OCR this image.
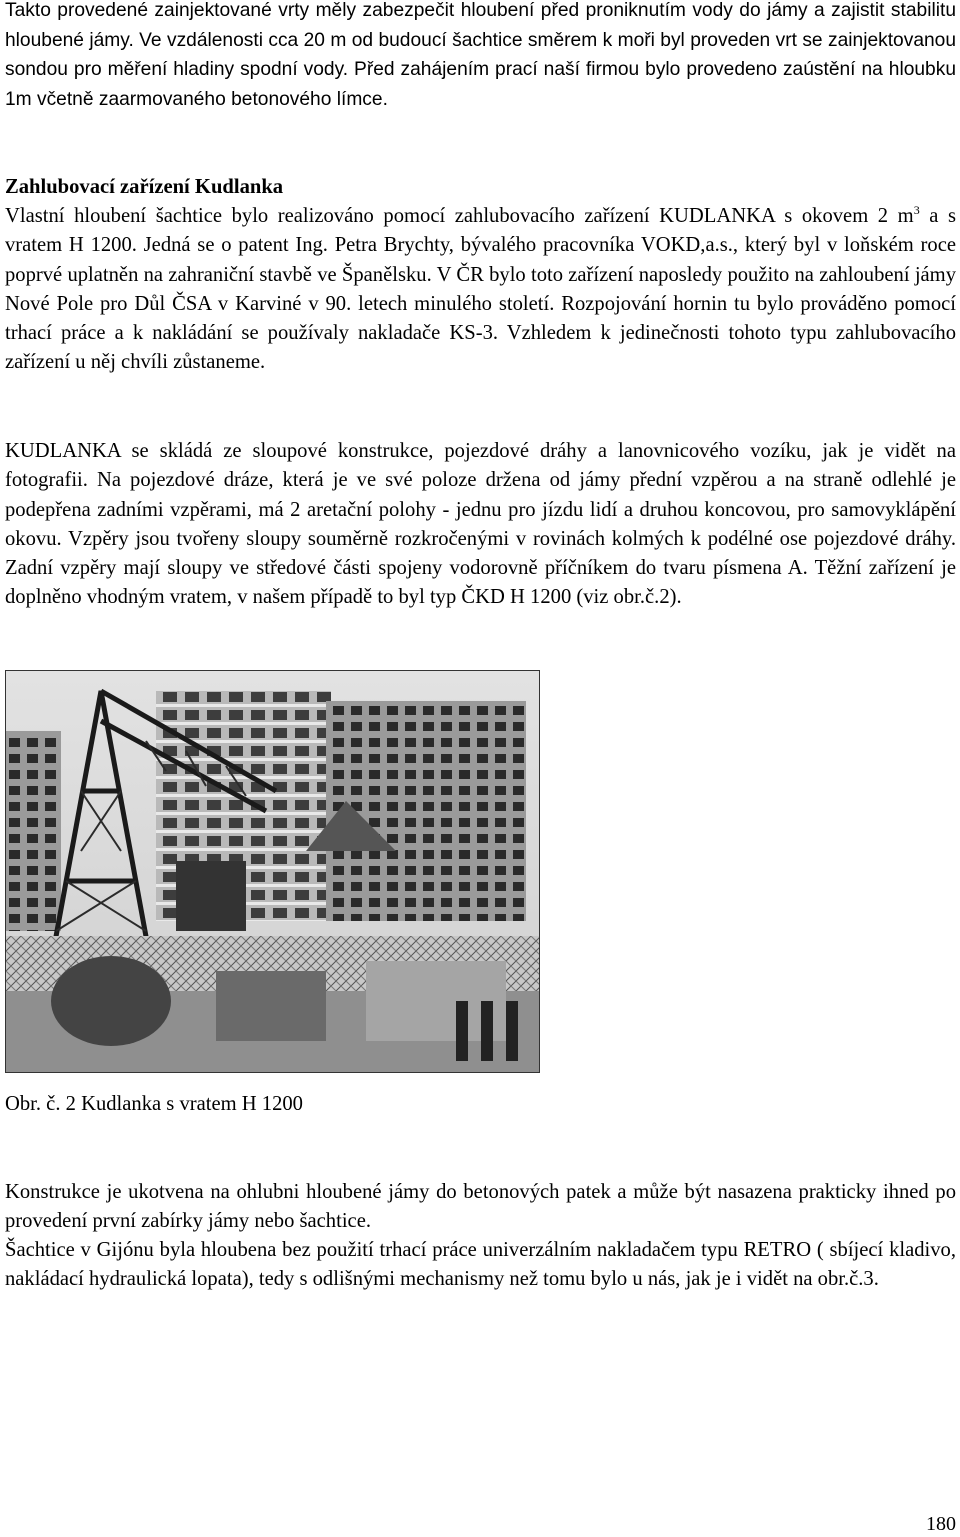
Takto provedené zainjektované vrty měly zabezpečit hloubení před proniknutím vody do jámy a zajistit stabilitu hloubené jámy. Ve vzdálenosti cca 20 m od budoucí šachtice směrem k moři byl proveden vrt se zainjektovanou sondou pro měření hladiny spodní vody. Před zahájením prací naší firmou bylo provedeno zaústění na hloubku 1m včetně zaarmovaného betonového límce.

Zahlubovací zařízení Kudlanka

Vlastní hloubení šachtice bylo realizováno pomocí zahlubovacího zařízení KUDLANKA s okovem 2 $m^3$ a s vratem H 1200. Jedná se o patent Ing. Petra Brychty, bývalého pracovníka VOKD,a.s., který byl v loňském roce poprvé uplatněn na zahraniční stavbě ve Španělsku. V ČR bylo toto zařízení naposledy použito na zahloubení jámy Nové Pole pro Důl ČSA v Karviné v 90. letech minulého století. Rozpojování hornin tu bylo prováděno pomocí trhací práce a k nakládání se používaly nakladače KS-3. Vzhledem k jedinečnosti tohoto typu zahlubovacího zařízení u něj chvíli zůstaneme.

KUDLANKA se skládá ze sloupové konstrukce, pojezdové dráhy a lanovnicového vozíku, jak je vidět na fotografii. Na pojezdové dráze, která je ve své poloze držena od jámy přední vzpěrou a na straně odlehlé je podepřena zadními vzpěrami, má 2 aretační polohy - jednu pro jízdu lidí a druhou koncovou, pro samovyklápění okovu. Vzpěry jsou tvořeny sloupy souměrně rozkročenými v rovinách kolmých k podélné ose pojezdové dráhy. Zadní vzpěry mají sloupy ve středové části spojeny vodorovně příčníkem do tvaru písmena A. Těžní zařízení je doplněno vhodným vratem, v našem případě to byl typ ČKD H 1200 (viz obr.č.2).

Obr. č. 2 Kudlanka s vratem H 1200

Konstrukce je ukotvena na ohlubni hloubené jámy do betonových patek a může být nasazena prakticky ihned po provedení první zabírky jámy nebo šachtice.

Šachtice v Gijónu byla hloubena bez použití trhací práce univerzálním nakladačem typu RETRO ( sbíjecí kladivo, nakládací hydraulická lopata), tedy s odlišnými mechanismy než tomu bylo u nás, jak je i vidět na obr.č.3.

180
